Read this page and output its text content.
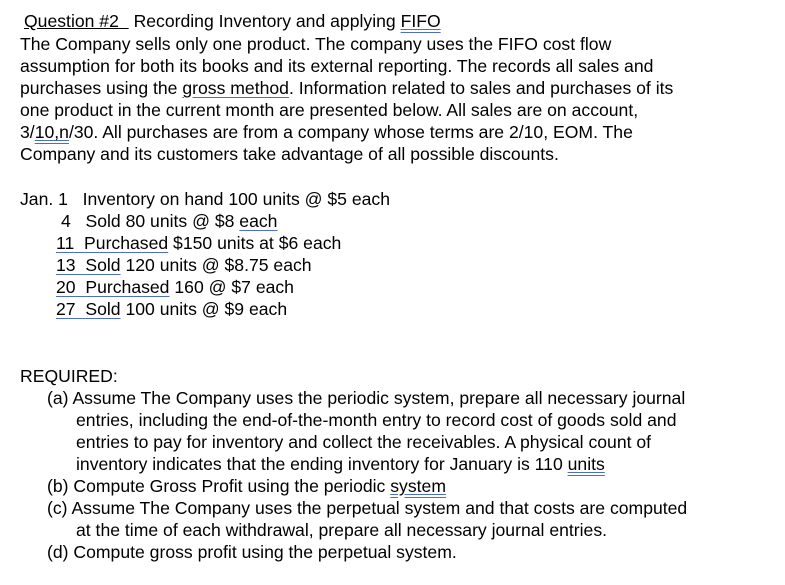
Question #2 Recording Inventory and applying FIFO
The Company sells only one product. The company uses the FIFO cost flow
assumption for both its books and its external reporting. The records all sales and
purchases using the gross method. Information related to sales and purchases of its
one product in the current month are presented below. All sales are on account,
3/10,n/30. All purchases are from a company whose terms are 2/10, EOM. The
Company and its customers take advantage of all possible discounts.
Jan. 1 Inventory on hand 100 units @ $5 each
4 Sold 80 units @ $8 each
11 Purchased $150 units at $6 each
13 Sold 120 units @ $8.75 each
20 Purchased 160 @ $7 each
27 Sold 100 units @ $9 each
REQUIRED:
(a) Assume The Company uses the periodic system, prepare all necessary journal
entries, including the end-of-the-month entry to record cost of goods sold and
entries to pay for inventory and collect the receivables. A physical count of
inventory indicates that the ending inventory for January is 110 units
(b) Compute Gross Profit using the periodic system
(c) Assume The Company uses the perpetual system and that costs are computed
at the time of each withdrawal, prepare all necessary journal entries.
(d) Compute gross profit using the perpetual system.
